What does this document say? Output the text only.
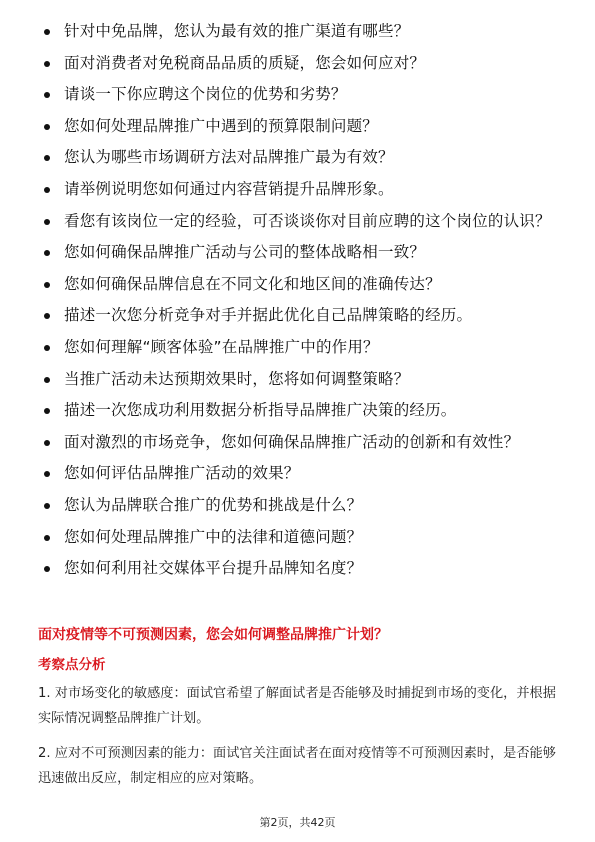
针对中免品牌，您认为最有效的推广渠道有哪些？
面对消费者对免税商品品质的质疑，您会如何应对？
请谈一下你应聘这个岗位的优势和劣势？
您如何处理品牌推广中遇到的预算限制问题？
您认为哪些市场调研方法对品牌推广最为有效？
请举例说明您如何通过内容营销提升品牌形象。
看您有该岗位一定的经验，可否谈谈你对目前应聘的这个岗位的认识？
您如何确保品牌推广活动与公司的整体战略相一致？
您如何确保品牌信息在不同文化和地区间的准确传达？
描述一次您分析竞争对手并据此优化自己品牌策略的经历。
您如何理解“顾客体验”在品牌推广中的作用？
当推广活动未达预期效果时，您将如何调整策略？
描述一次您成功利用数据分析指导品牌推广决策的经历。
面对激烈的市场竞争，您如何确保品牌推广活动的创新和有效性？
您如何评估品牌推广活动的效果？
您认为品牌联合推广的优势和挑战是什么？
您如何处理品牌推广中的法律和道德问题？
您如何利用社交媒体平台提升品牌知名度？
面对疫情等不可预测因素，您会如何调整品牌推广计划？
考察点分析

1. 对市场变化的敏感度：面试官希望了解面试者是否能够及时捕捉到市场的变化，并根据实际情况调整品牌推广计划。

2. 应对不可预测因素的能力：面试官关注面试者在面对疫情等不可预测因素时，是否能够迅速做出反应，制定相应的应对策略。

第2页，共42页
